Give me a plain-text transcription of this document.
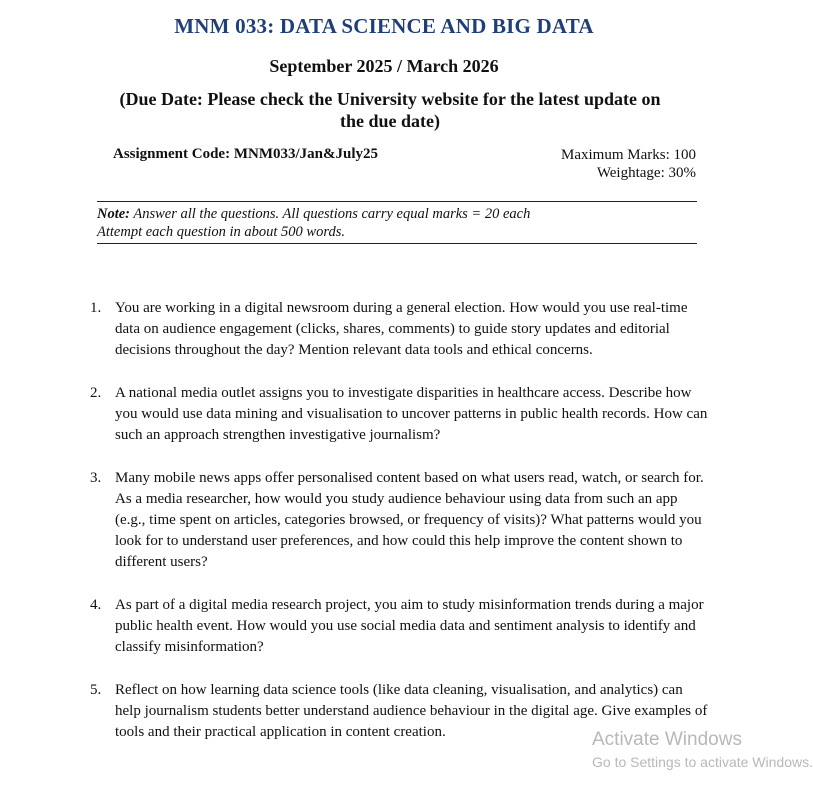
MNM 033: DATA SCIENCE AND BIG DATA
September 2025 / March 2026
(Due Date: Please check the University website for the latest update on
the due date)
Assignment Code: MNM033/Jan&July25	Maximum Marks: 100
Weightage: 30%
Note: Answer all the questions. All questions carry equal marks = 20 each
Attempt each question in about 500 words.
1. You are working in a digital newsroom during a general election. How would you use real-time data on audience engagement (clicks, shares, comments) to guide story updates and editorial decisions throughout the day? Mention relevant data tools and ethical concerns.
2. A national media outlet assigns you to investigate disparities in healthcare access. Describe how you would use data mining and visualisation to uncover patterns in public health records. How can such an approach strengthen investigative journalism?
3. Many mobile news apps offer personalised content based on what users read, watch, or search for. As a media researcher, how would you study audience behaviour using data from such an app (e.g., time spent on articles, categories browsed, or frequency of visits)? What patterns would you look for to understand user preferences, and how could this help improve the content shown to different users?
4. As part of a digital media research project, you aim to study misinformation trends during a major public health event. How would you use social media data and sentiment analysis to identify and classify misinformation?
5. Reflect on how learning data science tools (like data cleaning, visualisation, and analytics) can help journalism students better understand audience behaviour in the digital age. Give examples of tools and their practical application in content creation.	Activate Windows
Go to Settings to activate Windows.
